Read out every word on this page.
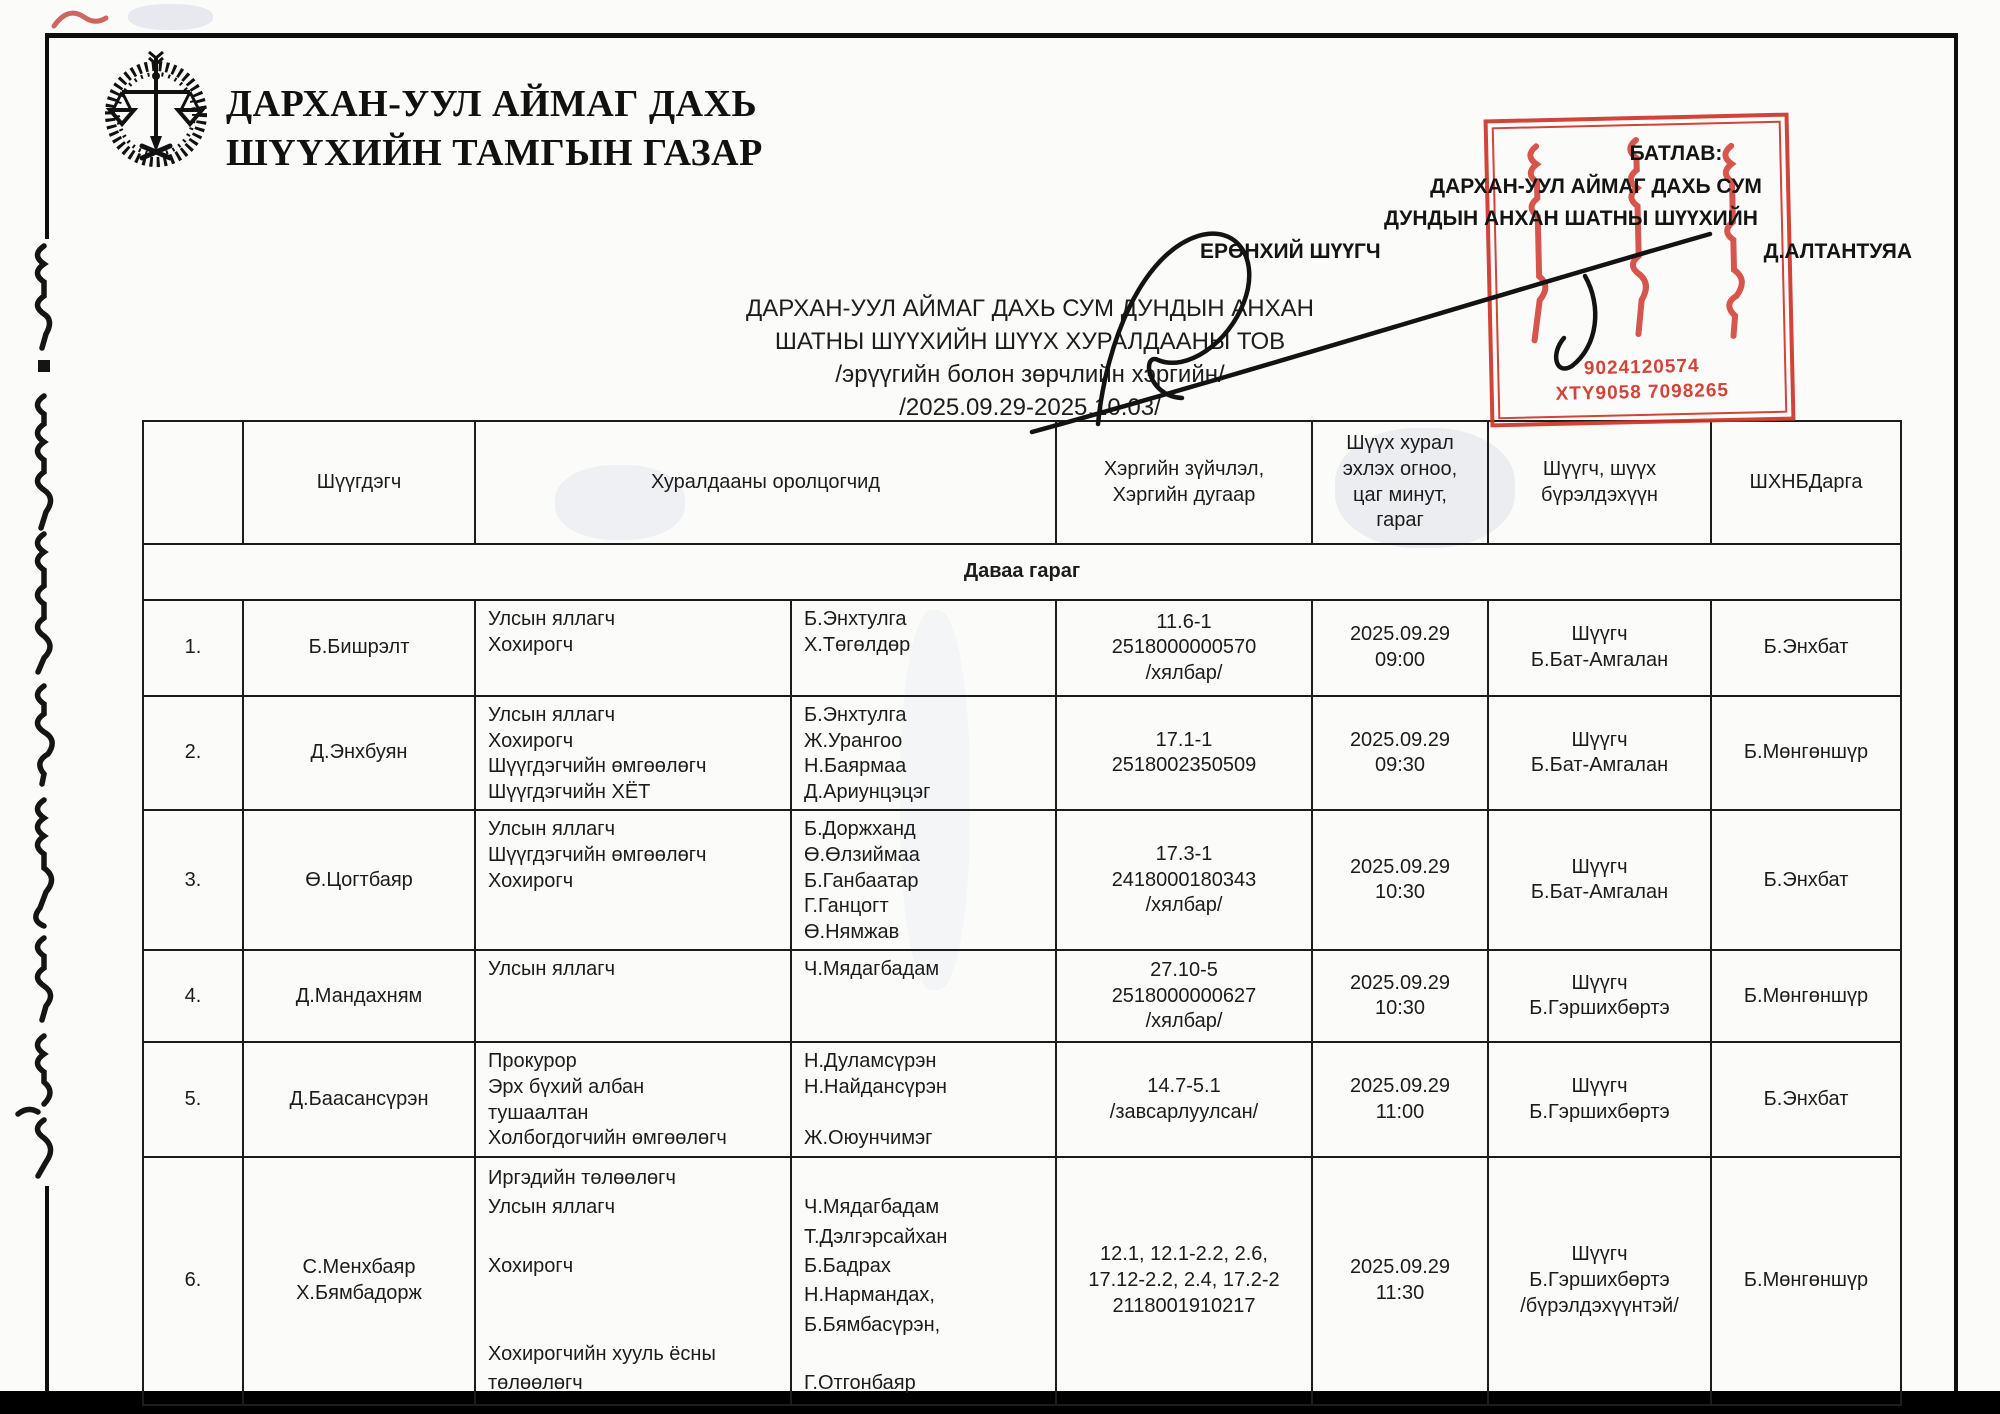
ДАРХАН-УУЛ АЙМАГ ДАХЬ
ШҮҮХИЙН ТАМГЫН ГАЗАР	БАТЛАВ:
ДАРХАН-УУЛ АЙМАГ ДАХЬ СУМ
ДУНДЫН АНХАН ШАТНЫ ШҮҮХИЙН
ЕРӨНХИЙ ШҮҮГЧ	Д.АЛТАНТУЯА
9024120574
XTY9058 7098265
ДАРХАН-УУЛ АЙМАГ ДАХЬ СУМ ДУНДЫН АНХАН
ШАТНЫ ШҮҮХИЙН ШҮҮХ ХУРАЛДААНЫ ТОВ
/эрүүгийн болон зөрчлийн хэргийн/
/2025.09.29-2025.10.03/
	Шүүгдэгч	Хуралдааны оролцогчид		Хэргийн зүйчлэл,
Хэргийн дугаар	Шүүх хурал
эхлэх огноо,
цаг минут,
гараг	Шүүгч, шүүх
бүрэлдэхүүн	ШХНБДарга
Даваа гараг							
1.	Б.Бишрэлт	Улсын яллагч
Хохирогч	Б.Энхтулга
Х.Төгөлдөр	11.6-1
2518000000570
/хялбар/	2025.09.29
09:00	Шүүгч
Б.Бат-Амгалан	Б.Энхбат
2.	Д.Энхбуян	Улсын яллагч
Хохирогч
Шүүгдэгчийн өмгөөлөгч
Шүүгдэгчийн ХЁТ	Б.Энхтулга
Ж.Урангоо
Н.Баярмаа
Д.Ариунцэцэг	17.1-1
2518002350509	2025.09.29
09:30	Шүүгч
Б.Бат-Амгалан	Б.Мөнгөншүр
3.	Ө.Цогтбаяр	Улсын яллагч
Шүүгдэгчийн өмгөөлөгч
Хохирогч	Б.Доржханд
Ө.Өлзиймаа
Б.Ганбаатар
Г.Ганцогт
Ө.Нямжав	17.3-1
2418000180343
/хялбар/	2025.09.29
10:30	Шүүгч
Б.Бат-Амгалан	Б.Энхбат
4.	Д.Мандахням	Улсын яллагч	Ч.Мядагбадам	27.10-5
2518000000627
/хялбар/	2025.09.29
10:30	Шүүгч
Б.Гэршихбөртэ	Б.Мөнгөншүр
5.	Д.Баасансүрэн	Прокурор
Эрх бүхий албан
тушаалтан
Холбогдогчийн өмгөөлөгч	Н.Дуламсүрэн
Н.Найдансүрэн

Ж.Оюунчимэг	14.7-5.1
/завсарлуулсан/	2025.09.29
11:00	Шүүгч
Б.Гэршихбөртэ	Б.Энхбат
6.	С.Менхбаяр
Х.Бямбадорж	Иргэдийн төлөөлөгч
Улсын яллагч

Хохирогч

Хохирогчийн хууль ёсны
төлөөлөгч	
Ч.Мядагбадам
Т.Дэлгэрсайхан
Б.Бадрах
Н.Нармандах,
Б.Бямбасүрэн,

Г.Отгонбаяр	12.1, 12.1-2.2, 2.6,
17.12-2.2, 2.4, 17.2-2
2118001910217	2025.09.29
11:30	Шүүгч
Б.Гэршихбөртэ
/бүрэлдэхүүнтэй/	Б.Мөнгөншүр
